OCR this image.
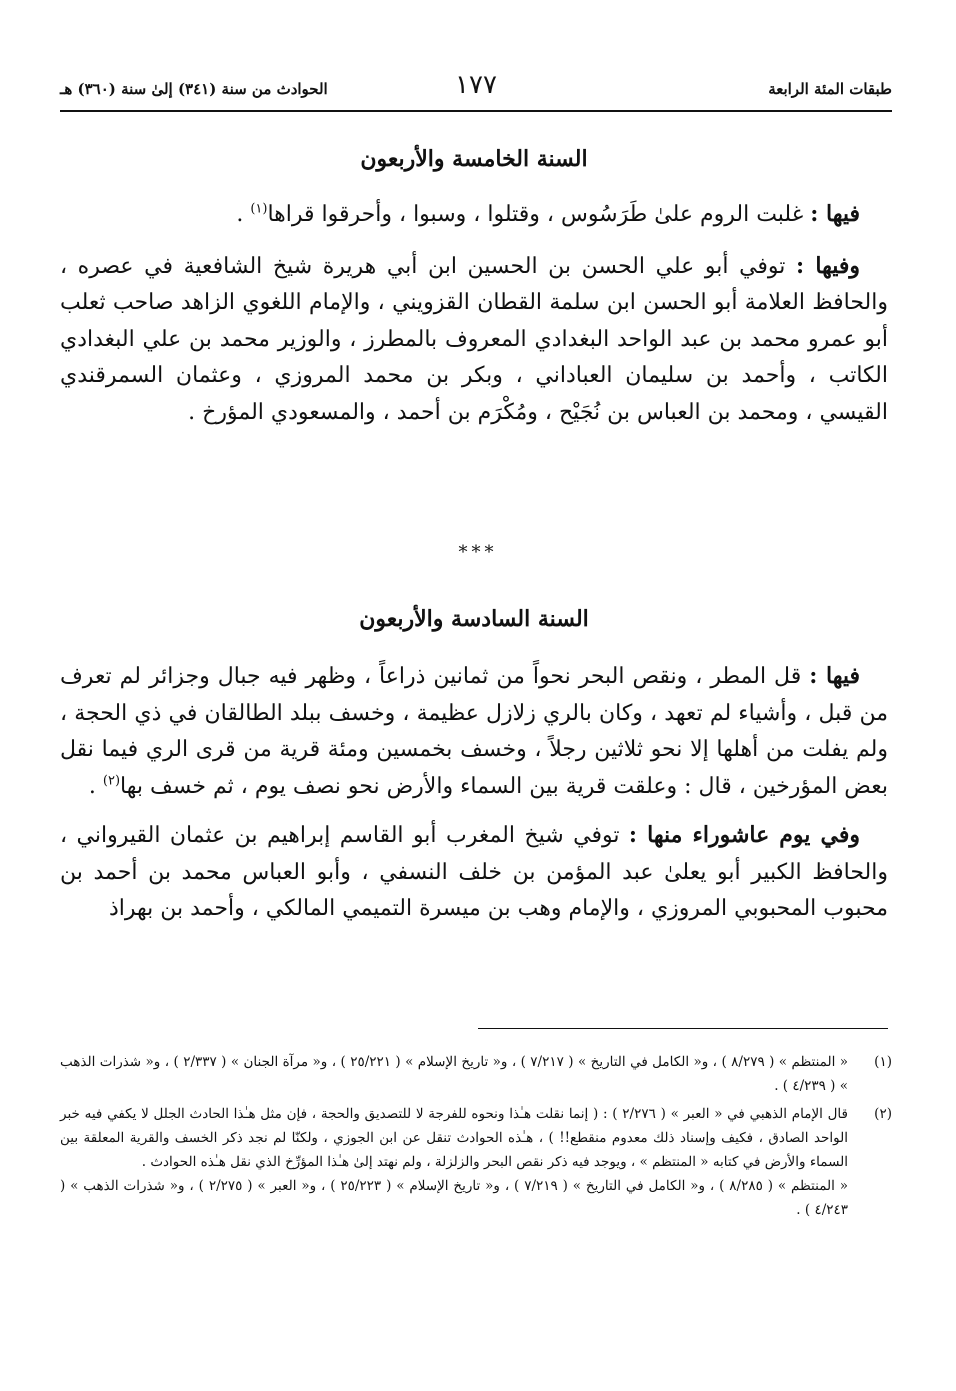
طبقات المئة الرابعة
١٧٧
الحوادث من سنة (٣٤١) إلىٰ سنة (٣٦٠) هـ
السنة الخامسة والأربعون

فيها : غلبت الروم علىٰ طَرَسُوس ، وقتلوا ، وسبوا ، وأحرقوا قراها$^{(١)}$ .

وفيها : توفي أبو علي الحسن بن الحسين ابن أبي هريرة شيخ الشافعية في عصره ، والحافظ العلامة أبو الحسن ابن سلمة القطان القزويني ، والإمام اللغوي الزاهد صاحب ثعلب أبو عمرو محمد بن عبد الواحد البغدادي المعروف بالمطرز ، والوزير محمد بن علي البغدادي الكاتب ، وأحمد بن سليمان العباداني ، وبكر بن محمد المروزي ، وعثمان السمرقندي القيسي ، ومحمد بن العباس بن نُجَيْح ، ومُكْرَم بن أحمد ، والمسعودي المؤرخ .

***
السنة السادسة والأربعون

فيها : قل المطر ، ونقص البحر نحواً من ثمانين ذراعاً ، وظهر فيه جبال وجزائر لم تعرف من قبل ، وأشياء لم تعهد ، وكان بالري زلازل عظيمة ، وخسف ببلد الطالقان في ذي الحجة ، ولم يفلت من أهلها إلا نحو ثلاثين رجلاً ، وخسف بخمسين ومئة قرية من قرى الري فيما نقل بعض المؤرخين ، قال : وعلقت قرية بين السماء والأرض نحو نصف يوم ، ثم خسف بها$^{(٢)}$ .

وفي يوم عاشوراء منها : توفي شيخ المغرب أبو القاسم إبراهيم بن عثمان القيرواني ، والحافظ الكبير أبو يعلىٰ عبد المؤمن بن خلف النسفي ، وأبو العباس محمد بن أحمد بن محبوب المحبوبي المروزي ، والإمام وهب بن ميسرة التميمي المالكي ، وأحمد بن بهراذ

(١)

« المنتظم » ( ٨/٢٧٩ ) ، و« الكامل في التاريخ » ( ٧/٢١٧ ) ، و« تاريخ الإسلام » ( ٢٥/٢٢١ ) ، و« مرآة الجنان » ( ٢/٣٣٧ ) ، و« شذرات الذهب » ( ٤/٢٣٩ ) .

(٢)

قال الإمام الذهبي في « العبر » ( ٢/٢٧٦ ) : ( إنما نقلت هـٰذا ونحوه للفرجة لا للتصديق والحجة ، فإن مثل هـٰذا الحادث الجلل لا يكفي فيه خبر الواحد الصادق ، فكيف وإسناد ذلك معدوم منقطع!! ) ، هـٰذه الحوادث تنقل عن ابن الجوزي ، ولكنّا لم نجد ذكر الخسف والقرية المعلقة بين السماء والأرض في كتابه « المنتظم » ، ويوجد فيه ذكر نقص البحر والزلزلة ، ولم نهتد إلىٰ هـٰذا المؤرِّخ الذي نقل هـٰذه الحوادث .

« المنتظم » ( ٨/٢٨٥ ) ، و« الكامل في التاريخ » ( ٧/٢١٩ ) ، و« تاريخ الإسلام » ( ٢٥/٢٢٣ ) ، و« العبر » ( ٢/٢٧٥ ) ، و« شذرات الذهب » ( ٤/٢٤٣ ) .
